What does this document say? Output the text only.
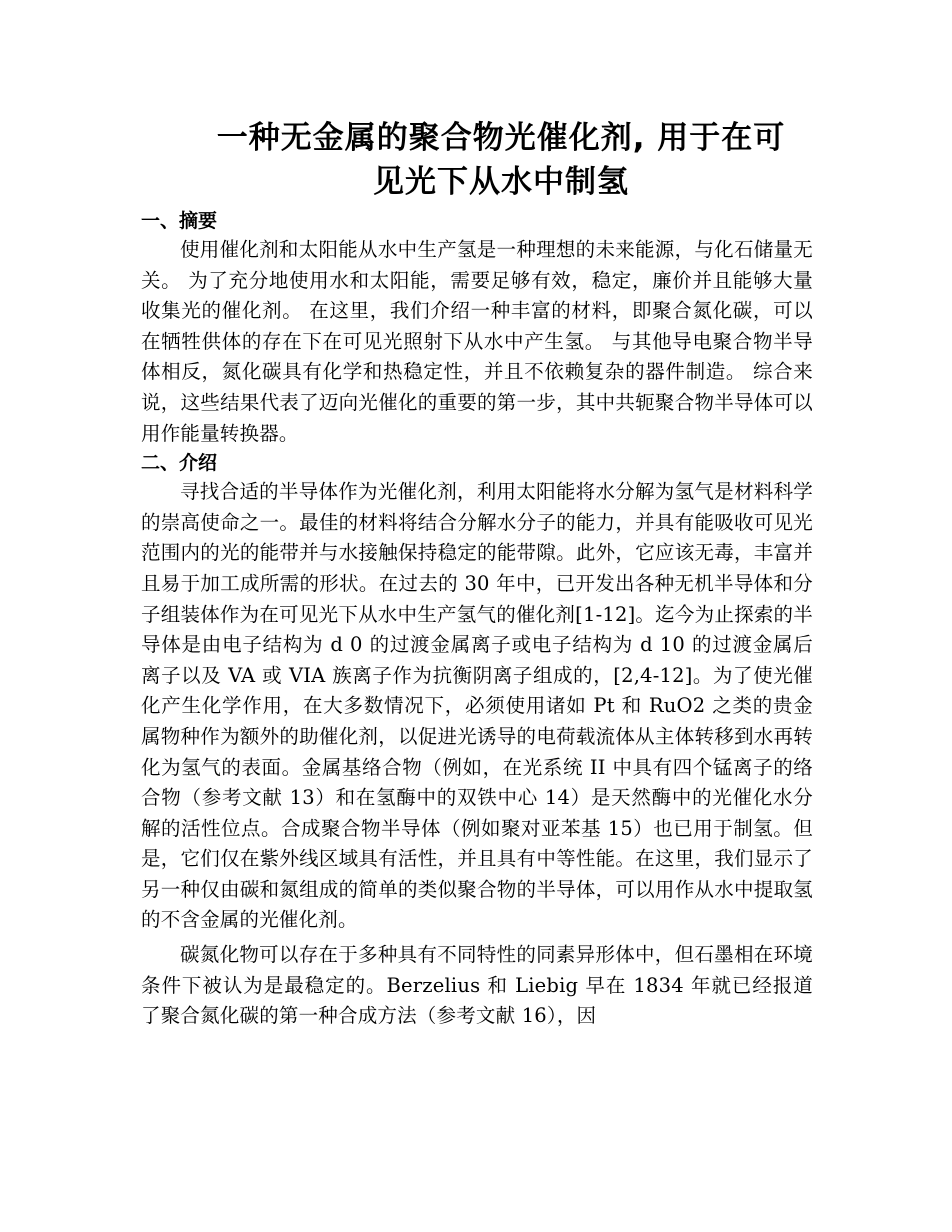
一种无金属的聚合物光催化剂, 用于在可
见光下从水中制氢
一、摘要

使用催化剂和太阳能从水中生产氢是一种理想的未来能源，与化石储量无关。 为了充分地使用水和太阳能，需要足够有效，稳定，廉价并且能够大量收集光的催化剂。 在这里，我们介绍一种丰富的材料，即聚合氮化碳，可以在牺牲供体的存在下在可见光照射下从水中产生氢。 与其他导电聚合物半导体相反，氮化碳具有化学和热稳定性，并且不依赖复杂的器件制造。 综合来说，这些结果代表了迈向光催化的重要的第一步，其中共轭聚合物半导体可以用作能量转换器。

二、介绍

寻找合适的半导体作为光催化剂，利用太阳能将水分解为氢气是材料科学的崇高使命之一。最佳的材料将结合分解水分子的能力，并具有能吸收可见光范围内的光的能带并与水接触保持稳定的能带隙。此外，它应该无毒，丰富并且易于加工成所需的形状。在过去的 30 年中，已开发出各种无机半导体和分子组装体作为在可见光下从水中生产氢气的催化剂[1-12]。迄今为止探索的半导体是由电子结构为 d 0 的过渡金属离子或电子结构为 d 10 的过渡金属后离子以及 VA 或 VIA 族离子作为抗衡阴离子组成的，[2,4-12]。为了使光催化产生化学作用，在大多数情况下，必须使用诸如 Pt 和 RuO2 之类的贵金属物种作为额外的助催化剂，以促进光诱导的电荷载流体从主体转移到水再转化为氢气的表面。金属基络合物（例如，在光系统 II 中具有四个锰离子的络合物（参考文献 13）和在氢酶中的双铁中心 14）是天然酶中的光催化水分解的活性位点。合成聚合物半导体（例如聚对亚苯基 15）也已用于制氢。但是，它们仅在紫外线区域具有活性，并且具有中等性能。在这里，我们显示了另一种仅由碳和氮组成的简单的类似聚合物的半导体，可以用作从水中提取氢的不含金属的光催化剂。

碳氮化物可以存在于多种具有不同特性的同素异形体中，但石墨相在环境条件下被认为是最稳定的。Berzelius 和 Liebig 早在 1834 年就已经报道了聚合氮化碳的第一种合成方法（参考文献 16），因
